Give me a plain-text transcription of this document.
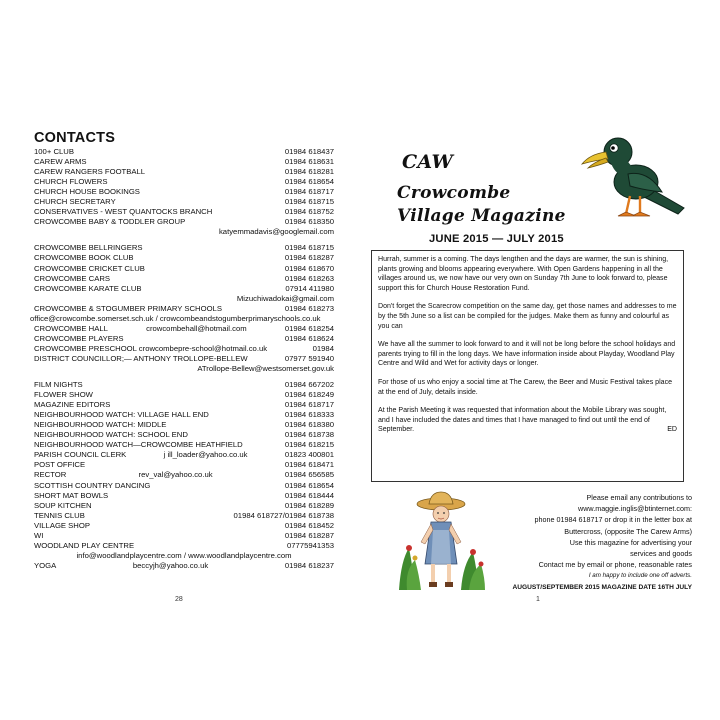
CONTACTS
100+ CLUB	01984 618437
CAREW ARMS	01984 618631
CAREW RANGERS FOOTBALL	01984 618281
CHURCH FLOWERS	01984 618654
CHURCH HOUSE BOOKINGS	01984 618717
CHURCH SECRETARY	01984 618715
CONSERVATIVES - WEST QUANTOCKS BRANCH	01984 618752
CROWCOMBE BABY & TODDLER GROUP	01984 618350
katyemmadavis@googlemail.com
CROWCOMBE BELLRINGERS	01984 618715
CROWCOMBE BOOK CLUB	01984 618287
CROWCOMBE CRICKET CLUB	01984 618670
CROWCOMBE CARS	01984 618263
CROWCOMBE KARATE CLUB	07914 411980
Mizuchiwadokai@gmail.com
CROWCOMBE & STOGUMBER PRIMARY SCHOOLS	01984 618273
office@crowcombe.somerset.sch.uk / crowcombeandstogumberprimaryschools.co.uk
CROWCOMBE HALL	crowcombehall@hotmail.com	01984 618254
CROWCOMBE PLAYERS	01984 618624
CROWCOMBE PRESCHOOL crowcombepre-school@hotmail.co.uk	01984
DISTRICT COUNCILLOR;— ANTHONY TROLLOPE-BELLEW	07977 591940
ATrollope-Bellew@westsomerset.gov.uk
FILM NIGHTS	01984 667202
FLOWER SHOW	01984 618249
MAGAZINE EDITORS	01984 618717
NEIGHBOURHOOD WATCH: VILLAGE HALL END	01984 618333
NEIGHBOURHOOD WATCH: MIDDLE	01984 618380
NEIGHBOURHOOD WATCH: SCHOOL END	01984 618738
NEIGHBOURHOOD WATCH—CROWCOMBE HEATHFIELD	01984 618215
PARISH COUNCIL CLERK	j ill_loader@yahoo.co.uk	01823 400801
POST OFFICE	01984 618471
RECTOR	rev_val@yahoo.co.uk	01984 656585
SCOTTISH COUNTRY DANCING	01984 618654
SHORT MAT BOWLS	01984 618444
SOUP KITCHEN	01984 618289
TENNIS CLUB	01984 618727/01984 618738
VILLAGE SHOP	01984 618452
WI	01984 618287
WOODLAND PLAY CENTRE	07775941353
info@woodlandplaycentre.com / www.woodlandplaycentre.com
YOGA	beccyjh@yahoo.co.uk	01984 618237
28
CAW
Crowcombe
Village Magazine
JUNE 2015 — JULY 2015

Hurrah, summer is a coming. The days lengthen and the days are warmer, the sun is shining, plants growing and blooms appearing everywhere. With Open Gardens happening in all the villages around us, we now have our very own on Sunday 7th June to look forward to, please support this for Church House Restoration Fund.

Don't forget the Scarecrow competition on the same day, get those names and addresses to me by the 5th June so a list can be compiled for the judges. Make them as funny and colourful as you can

We have all the summer to look forward to and it will not be long before the school holidays and parents trying to fill in the long days. We have information inside about Playday, Woodland Play Centre and Wild and Wet for activity days or longer.

For those of us who enjoy a social time at The Carew, the Beer and Music Festival takes place at the end of July, details inside.

At the Parish Meeting it was requested that information about the Mobile Library was sought, and I have included the dates and times that I have managed to find out until the end of September.	ED

Please email any contributions to
www.maggie.inglis@btinternet.com:
phone 01984 618717 or drop it in the letter box at
Buttercross, (opposite The Carew Arms)
Use this magazine for advertising your
services and goods
Contact me by email or phone, reasonable rates
I am happy to include one off adverts.
AUGUST/SEPTEMBER 2015 MAGAZINE DATE 16TH JULY
1
